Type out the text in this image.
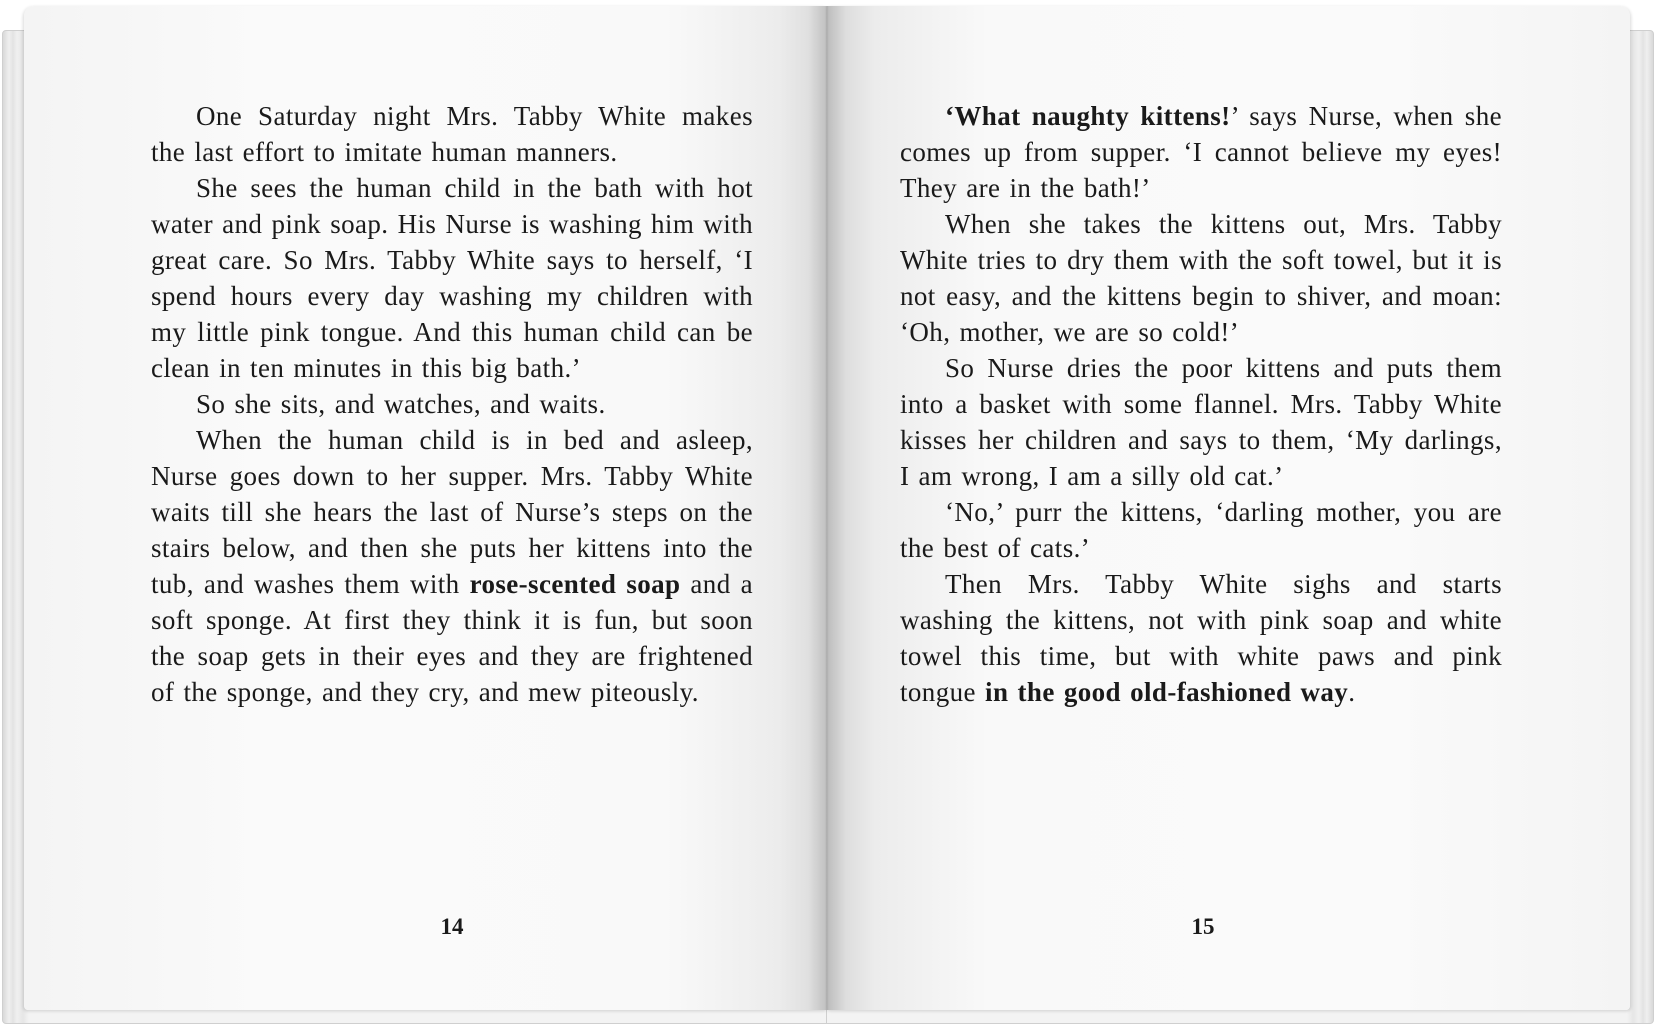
One Saturday night Mrs. Tabby White makes the last effort to imitate human manners.

She sees the human child in the bath with hot water and pink soap. His Nurse is washing him with great care. So Mrs. Tabby White says to herself, ‘I spend hours every day washing my children with my little pink tongue. And this human child can be clean in ten minutes in this big bath.’

So she sits, and watches, and waits.

When the human child is in bed and asleep, Nurse goes down to her supper. Mrs. Tabby White waits till she hears the last of Nurse’s steps on the stairs below, and then she puts her kittens into the tub, and washes them with rose-scented soap and a soft sponge. At first they think it is fun, but soon the soap gets in their eyes and they are frightened of the sponge, and they cry, and mew piteously.

14

‘What naughty kittens!’ says Nurse, when she comes up from supper. ‘I cannot believe my eyes! They are in the bath!’

When she takes the kittens out, Mrs. Tabby White tries to dry them with the soft towel, but it is not easy, and the kittens begin to shiver, and moan: ‘Oh, mother, we are so cold!’

So Nurse dries the poor kittens and puts them into a basket with some flannel. Mrs. Tabby White kisses her children and says to them, ‘My darlings, I am wrong, I am a silly old cat.’

‘No,’ purr the kittens, ‘darling mother, you are the best of cats.’

Then Mrs. Tabby White sighs and starts washing the kittens, not with pink soap and white towel this time, but with white paws and pink tongue in the good old-fashioned way.

15
